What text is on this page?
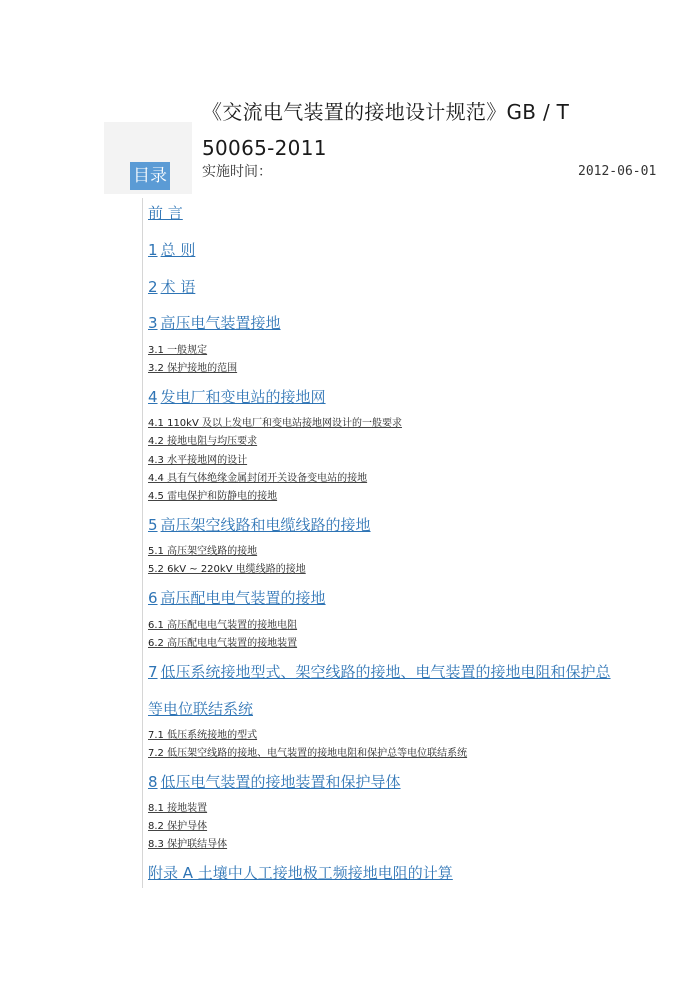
《交流电气装置的接地设计规范》GB / T
50065-2011
目录	实施时间：	2012-06-01
前 言
1 总 则
2 术 语
3 高压电气装置接地
3.1 一般规定
3.2 保护接地的范围
4 发电厂和变电站的接地网
4.1 110kV 及以上发电厂和变电站接地网设计的一般要求
4.2 接地电阻与均压要求
4.3 水平接地网的设计
4.4 具有气体绝缘金属封闭开关设备变电站的接地
4.5 雷电保护和防静电的接地
5 高压架空线路和电缆线路的接地
5.1 高压架空线路的接地
5.2 6kV ~ 220kV 电缆线路的接地
6 高压配电电气装置的接地
6.1 高压配电电气装置的接地电阻
6.2 高压配电电气装置的接地装置
7 低压系统接地型式、架空线路的接地、电气装置的接地电阻和保护总
等电位联结系统
7.1 低压系统接地的型式
7.2 低压架空线路的接地、电气装置的接地电阻和保护总等电位联结系统
8 低压电气装置的接地装置和保护导体
8.1 接地装置
8.2 保护导体
8.3 保护联结导体
附录 A 土壤中人工接地极工频接地电阻的计算
